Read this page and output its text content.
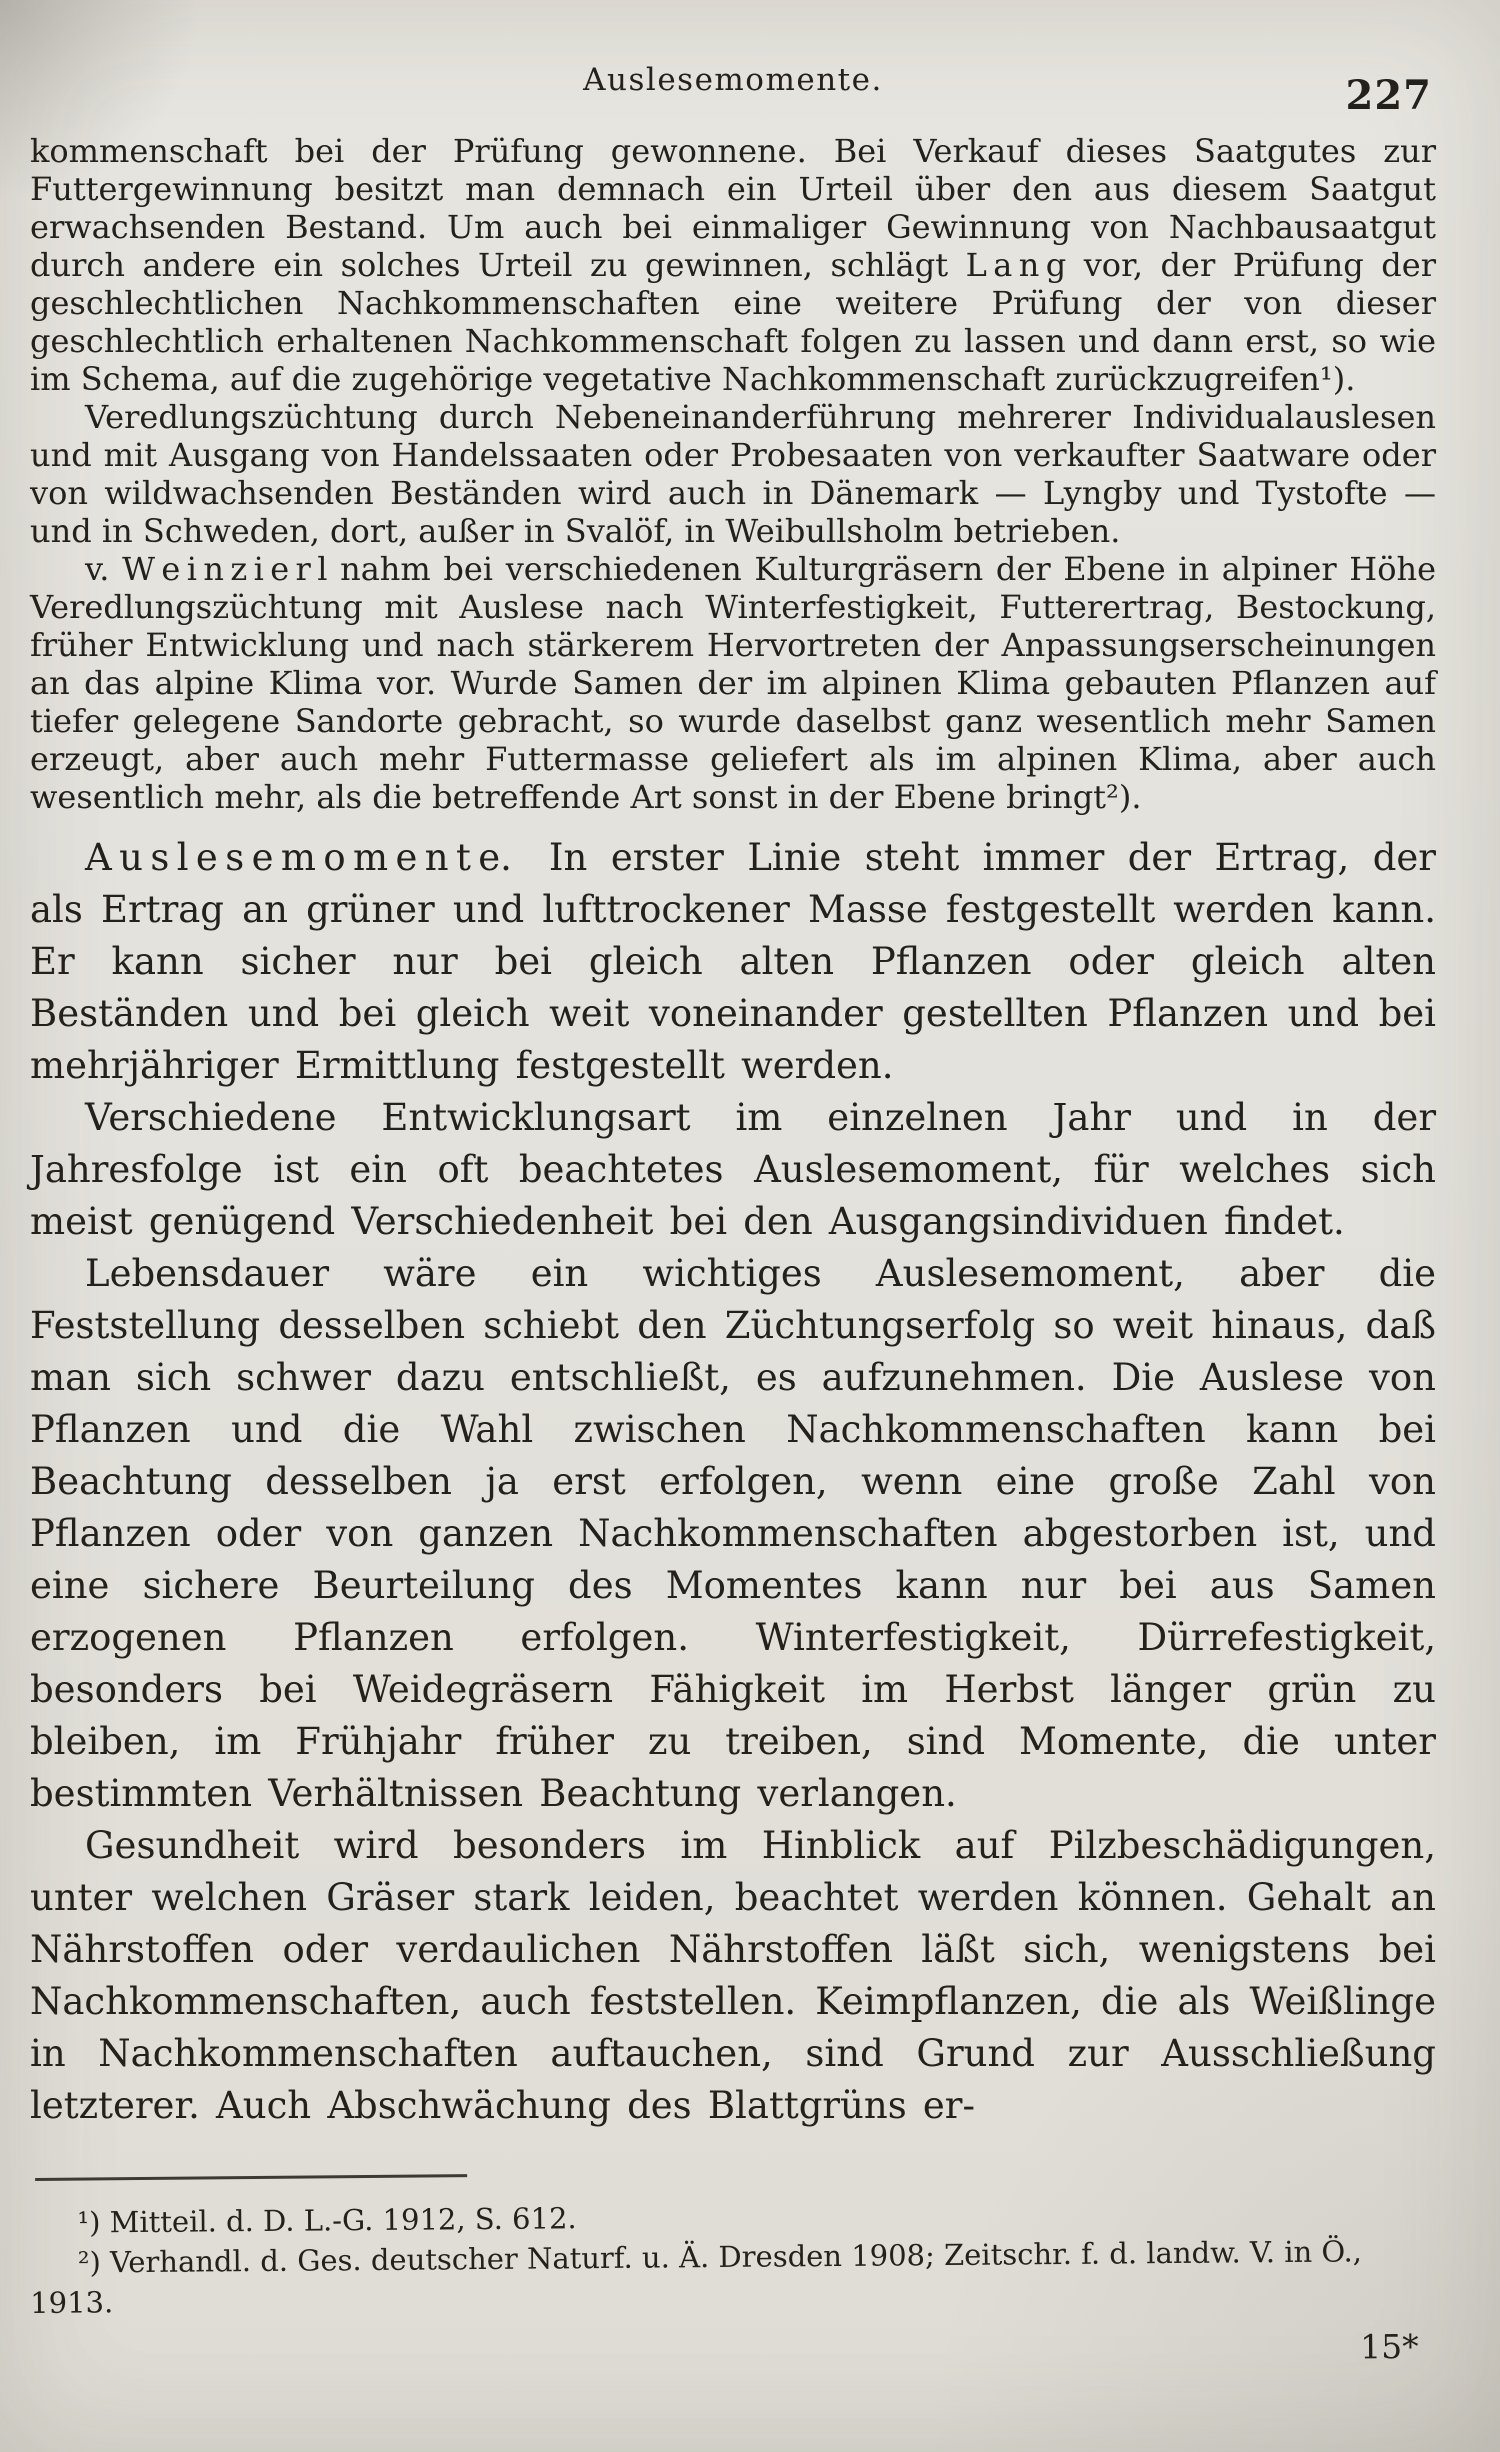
Auslesemomente.	227

kommenschaft bei der Prüfung gewonnene. Bei Verkauf dieses Saatgutes zur Futtergewinnung besitzt man demnach ein Urteil über den aus diesem Saatgut erwachsenden Bestand. Um auch bei einmaliger Gewinnung von Nachbausaatgut durch andere ein solches Urteil zu gewinnen, schlägt L a n g vor, der Prüfung der geschlechtlichen Nachkommenschaften eine weitere Prüfung der von dieser geschlechtlich erhaltenen Nachkommenschaft folgen zu lassen und dann erst, so wie im Schema, auf die zugehörige vegetative Nachkommenschaft zurückzugreifen¹).

Veredlungszüchtung durch Nebeneinanderführung mehrerer Individualauslesen und mit Ausgang von Handelssaaten oder Probesaaten von verkaufter Saatware oder von wildwachsenden Beständen wird auch in Dänemark — Lyngby und Tystofte — und in Schweden, dort, außer in Svalöf, in Weibullsholm betrieben.

v. W e i n z i e r l nahm bei verschiedenen Kulturgräsern der Ebene in alpiner Höhe Veredlungszüchtung mit Auslese nach Winterfestigkeit, Futterertrag, Bestockung, früher Entwicklung und nach stärkerem Hervortreten der Anpassungserscheinungen an das alpine Klima vor. Wurde Samen der im alpinen Klima gebauten Pflanzen auf tiefer gelegene Sandorte gebracht, so wurde daselbst ganz wesentlich mehr Samen erzeugt, aber auch mehr Futtermasse geliefert als im alpinen Klima, aber auch wesentlich mehr, als die betreffende Art sonst in der Ebene bringt²).

A u s l e s e m o m e n t e. In erster Linie steht immer der Ertrag, der als Ertrag an grüner und lufttrockener Masse festgestellt werden kann. Er kann sicher nur bei gleich alten Pflanzen oder gleich alten Beständen und bei gleich weit voneinander gestellten Pflanzen und bei mehrjähriger Ermittlung festgestellt werden.

Verschiedene Entwicklungsart im einzelnen Jahr und in der Jahresfolge ist ein oft beachtetes Auslesemoment, für welches sich meist genügend Verschiedenheit bei den Ausgangsindividuen findet.

Lebensdauer wäre ein wichtiges Auslesemoment, aber die Feststellung desselben schiebt den Züchtungserfolg so weit hinaus, daß man sich schwer dazu entschließt, es aufzunehmen. Die Auslese von Pflanzen und die Wahl zwischen Nachkommenschaften kann bei Beachtung desselben ja erst erfolgen, wenn eine große Zahl von Pflanzen oder von ganzen Nachkommenschaften abgestorben ist, und eine sichere Beurteilung des Momentes kann nur bei aus Samen erzogenen Pflanzen erfolgen. Winterfestigkeit, Dürrefestigkeit, besonders bei Weidegräsern Fähigkeit im Herbst länger grün zu bleiben, im Frühjahr früher zu treiben, sind Momente, die unter bestimmten Verhältnissen Beachtung verlangen.

Gesundheit wird besonders im Hinblick auf Pilzbeschädigungen, unter welchen Gräser stark leiden, beachtet werden können. Gehalt an Nährstoffen oder verdaulichen Nährstoffen läßt sich, wenigstens bei Nachkommenschaften, auch feststellen. Keimpflanzen, die als Weißlinge in Nachkommenschaften auftauchen, sind Grund zur Ausschließung letzterer. Auch Abschwächung des Blattgrüns er-

¹) Mitteil. d. D. L.-G. 1912, S. 612.

²) Verhandl. d. Ges. deutscher Naturf. u. Ä. Dresden 1908; Zeitschr. f. d. landw. V. in Ö., 1913.

15*
